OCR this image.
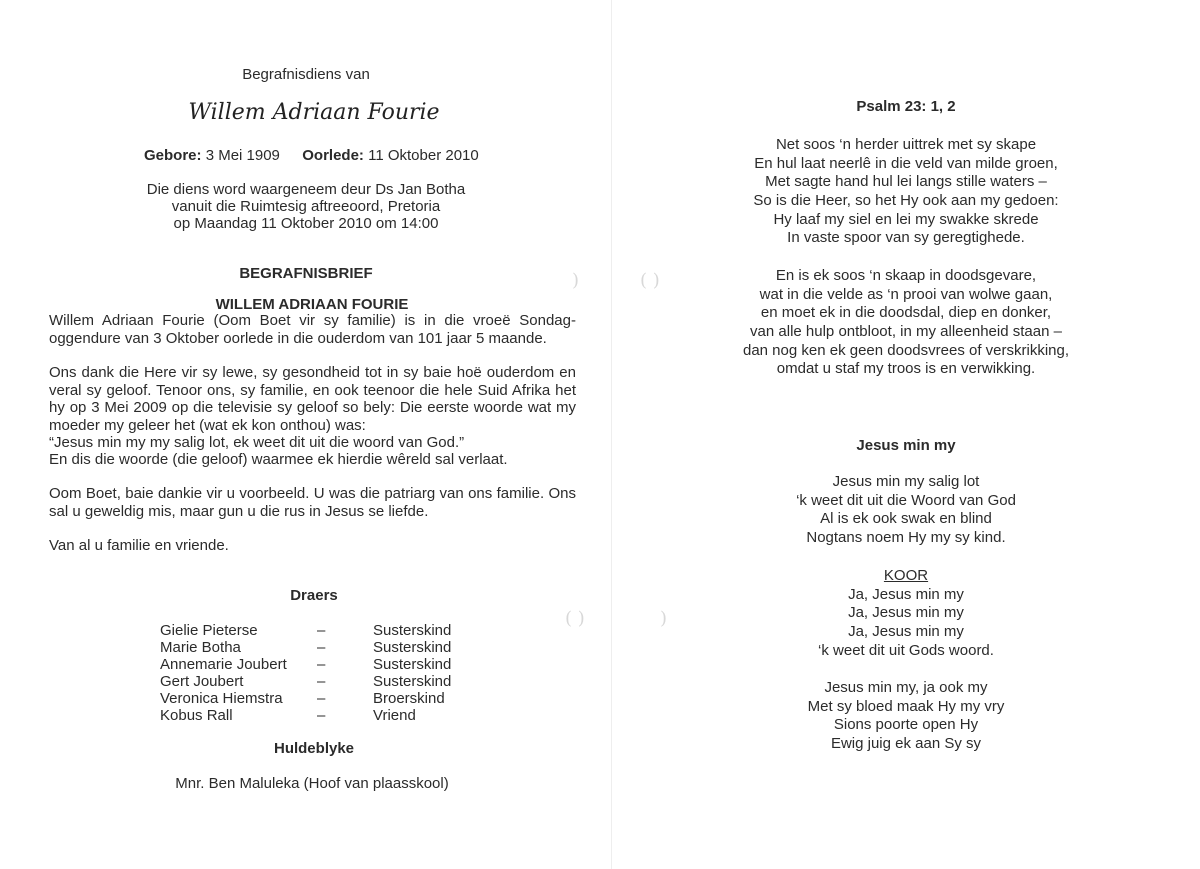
Begrafnisdiens van
Willem Adriaan Fourie
Gebore: 3 Mei 1909 Oorlede: 11 Oktober 2010
Die diens word waargeneem deur Ds Jan Botha
vanuit die Ruimtesig aftreeoord, Pretoria
op Maandag 11 Oktober 2010 om 14:00
BEGRAFNISBRIEF
WILLEM ADRIAAN FOURIE
Willem Adriaan Fourie (Oom Boet vir sy familie) is in die vroeë Sondag-oggendure van 3 Oktober oorlede in die ouderdom van 101 jaar 5 maande.
Ons dank die Here vir sy lewe, sy gesondheid tot in sy baie hoë ouderdom en veral sy geloof. Tenoor ons, sy familie, en ook teenoor die hele Suid Afrika het hy op 3 Mei 2009 op die televisie sy geloof so bely: Die eerste woorde wat my moeder my geleer het (wat ek kon onthou) was:
“Jesus min my my salig lot, ek weet dit uit die woord van God.”
En dis die woorde (die geloof) waarmee ek hierdie wêreld sal verlaat.
Oom Boet, baie dankie vir u voorbeeld. U was die patriarg van ons familie. Ons sal u geweldig mis, maar gun u die rus in Jesus se liefde.
Van al u familie en vriende.
Draers
Gielie Pieterse	–	Susterskind
Marie Botha	–	Susterskind
Annemarie Joubert –	Susterskind
Gert Joubert	–	Susterskind
Veronica Hiemstra –	Broerskind
Kobus Rall	–	Vriend
Huldeblyke
Mnr. Ben Maluleka (Hoof van plaasskool)
)
( )
Psalm 23: 1, 2
Net soos ‘n herder uittrek met sy skape
En hul laat neerlê in die veld van milde groen,
Met sagte hand hul lei langs stille waters –
So is die Heer, so het Hy ook aan my gedoen:
Hy laaf my siel en lei my swakke skrede
In vaste spoor van sy geregtighede.
En is ek soos ‘n skaap in doodsgevare,
wat in die velde as ‘n prooi van wolwe gaan,
en moet ek in die doodsdal, diep en donker,
van alle hulp ontbloot, in my alleenheid staan –
dan nog ken ek geen doodsvrees of verskrikking,
omdat u staf my troos is en verwikking.
Jesus min my
Jesus min my salig lot
‘k weet dit uit die Woord van God
Al is ek ook swak en blind
Nogtans noem Hy my sy kind.
KOOR
Ja, Jesus min my
Ja, Jesus min my
Ja, Jesus min my
‘k weet dit uit Gods woord.
Jesus min my, ja ook my
Met sy bloed maak Hy my vry
Sions poorte open Hy
Ewig juig ek aan Sy sy
( )
)
